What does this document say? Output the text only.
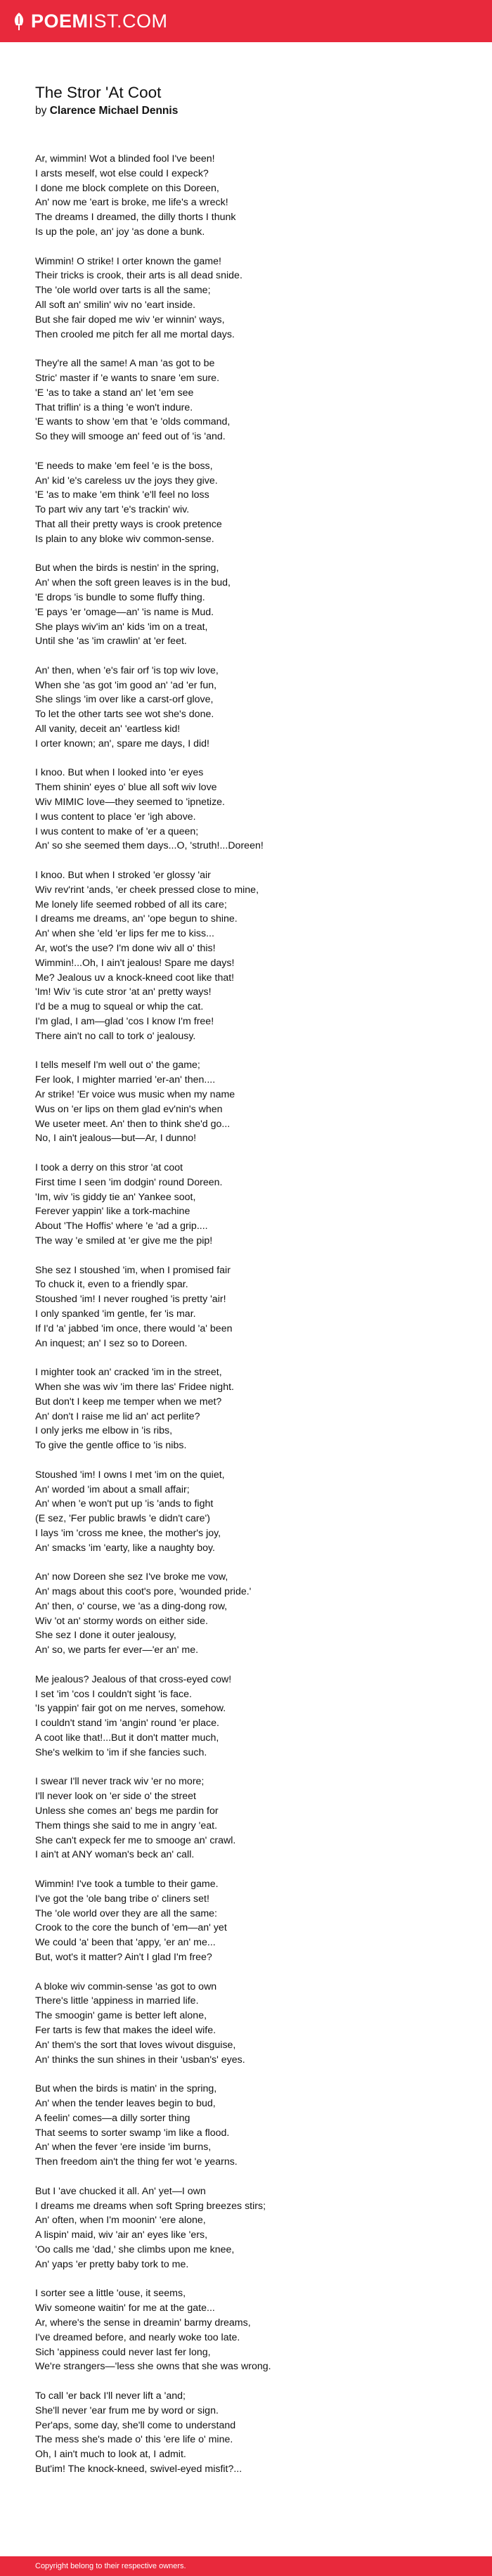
POEMIST.COM
The Stror 'At Coot
by Clarence Michael Dennis
Ar, wimmin! Wot a blinded fool I've been!
I arsts meself, wot else could I expeck?
I done me block complete on this Doreen,
An' now me 'eart is broke, me life's a wreck!
The dreams I dreamed, the dilly thorts I thunk
Is up the pole, an' joy 'as done a bunk.
Wimmin! O strike! I orter known the game!
Their tricks is crook, their arts is all dead snide.
The 'ole world over tarts is all the same;
All soft an' smilin' wiv no 'eart inside.
But she fair doped me wiv 'er winnin' ways,
Then crooled me pitch fer all me mortal days.
They're all the same! A man 'as got to be
Stric' master if 'e wants to snare 'em sure.
'E 'as to take a stand an' let 'em see
That triflin' is a thing 'e won't indure.
'E wants to show 'em that 'e 'olds command,
So they will smooge an' feed out of 'is 'and.
'E needs to make 'em feel 'e is the boss,
An' kid 'e's careless uv the joys they give.
'E 'as to make 'em think 'e'll feel no loss
To part wiv any tart 'e's trackin' wiv.
That all their pretty ways is crook pretence
Is plain to any bloke wiv common-sense.
But when the birds is nestin' in the spring,
An' when the soft green leaves is in the bud,
'E drops 'is bundle to some fluffy thing.
'E pays 'er 'omage—an' 'is name is Mud.
She plays wiv'im an' kids 'im on a treat,
Until she 'as 'im crawlin' at 'er feet.
An' then, when 'e's fair orf 'is top wiv love,
When she 'as got 'im good an' 'ad 'er fun,
She slings 'im over like a carst-orf glove,
To let the other tarts see wot she's done.
All vanity, deceit an' 'eartless kid!
I orter known; an', spare me days, I did!
I knoo. But when I looked into 'er eyes
Them shinin' eyes o' blue all soft wiv love
Wiv MIMIC love—they seemed to 'ipnetize.
I wus content to place 'er 'igh above.
I wus content to make of 'er a queen;
An' so she seemed them days...O, 'struth!...Doreen!
I knoo. But when I stroked 'er glossy 'air
Wiv rev'rint 'ands, 'er cheek pressed close to mine,
Me lonely life seemed robbed of all its care;
I dreams me dreams, an' 'ope begun to shine.
An' when she 'eld 'er lips fer me to kiss...
Ar, wot's the use? I'm done wiv all o' this!
Wimmin!...Oh, I ain't jealous! Spare me days!
Me? Jealous uv a knock-kneed coot like that!
'Im! Wiv 'is cute stror 'at an' pretty ways!
I'd be a mug to squeal or whip the cat.
I'm glad, I am—glad 'cos I know I'm free!
There ain't no call to tork o' jealousy.
I tells meself I'm well out o' the game;
Fer look, I mighter married 'er-an' then....
Ar strike! 'Er voice wus music when my name
Wus on 'er lips on them glad ev'nin's when
We useter meet. An' then to think she'd go...
No, I ain't jealous—but—Ar, I dunno!
I took a derry on this stror 'at coot
First time I seen 'im dodgin' round Doreen.
'Im, wiv 'is giddy tie an' Yankee soot,
Ferever yappin' like a tork-machine
About 'The Hoffis' where 'e 'ad a grip....
The way 'e smiled at 'er give me the pip!
She sez I stoushed 'im, when I promised fair
To chuck it, even to a friendly spar.
Stoushed 'im! I never roughed 'is pretty 'air!
I only spanked 'im gentle, fer 'is mar.
If I'd 'a' jabbed 'im once, there would 'a' been
An inquest; an' I sez so to Doreen.
I mighter took an' cracked 'im in the street,
When she was wiv 'im there las' Fridee night.
But don't I keep me temper when we met?
An' don't I raise me lid an' act perlite?
I only jerks me elbow in 'is ribs,
To give the gentle office to 'is nibs.
Stoushed 'im! I owns I met 'im on the quiet,
An' worded 'im about a small affair;
An' when 'e won't put up 'is 'ands to fight
(E sez, 'Fer public brawls 'e didn't care')
I lays 'im 'cross me knee, the mother's joy,
An' smacks 'im 'earty, like a naughty boy.
An' now Doreen she sez I've broke me vow,
An' mags about this coot's pore, 'wounded pride.'
An' then, o' course, we 'as a ding-dong row,
Wiv 'ot an' stormy words on either side.
She sez I done it outer jealousy,
An' so, we parts fer ever—'er an' me.
Me jealous? Jealous of that cross-eyed cow!
I set 'im 'cos I couldn't sight 'is face.
'Is yappin' fair got on me nerves, somehow.
I couldn't stand 'im 'angin' round 'er place.
A coot like that!...But it don't matter much,
She's welkim to 'im if she fancies such.
I swear I'll never track wiv 'er no more;
I'll never look on 'er side o' the street
Unless she comes an' begs me pardin for
Them things she said to me in angry 'eat.
She can't expeck fer me to smooge an' crawl.
I ain't at ANY woman's beck an' call.
Wimmin! I've took a tumble to their game.
I've got the 'ole bang tribe o' cliners set!
The 'ole world over they are all the same:
Crook to the core the bunch of 'em—an' yet
We could 'a' been that 'appy, 'er an' me...
But, wot's it matter? Ain't I glad I'm free?
A bloke wiv commin-sense 'as got to own
There's little 'appiness in married life.
The smoogin' game is better left alone,
Fer tarts is few that makes the ideel wife.
An' them's the sort that loves wivout disguise,
An' thinks the sun shines in their 'usban's' eyes.
But when the birds is matin' in the spring,
An' when the tender leaves begin to bud,
A feelin' comes—a dilly sorter thing
That seems to sorter swamp 'im like a flood.
An' when the fever 'ere inside 'im burns,
Then freedom ain't the thing fer wot 'e yearns.
But I 'ave chucked it all. An' yet—I own
I dreams me dreams when soft Spring breezes stirs;
An' often, when I'm moonin' 'ere alone,
A lispin' maid, wiv 'air an' eyes like 'ers,
'Oo calls me 'dad,' she climbs upon me knee,
An' yaps 'er pretty baby tork to me.
I sorter see a little 'ouse, it seems,
Wiv someone waitin' for me at the gate...
Ar, where's the sense in dreamin' barmy dreams,
I've dreamed before, and nearly woke too late.
Sich 'appiness could never last fer long,
We're strangers—'less she owns that she was wrong.
To call 'er back I'll never lift a 'and;
She'll never 'ear frum me by word or sign.
Per'aps, some day, she'll come to understand
The mess she's made o' this 'ere life o' mine.
Oh, I ain't much to look at, I admit.
But'im! The knock-kneed, swivel-eyed misfit?...
Copyright belong to their respective owners.
